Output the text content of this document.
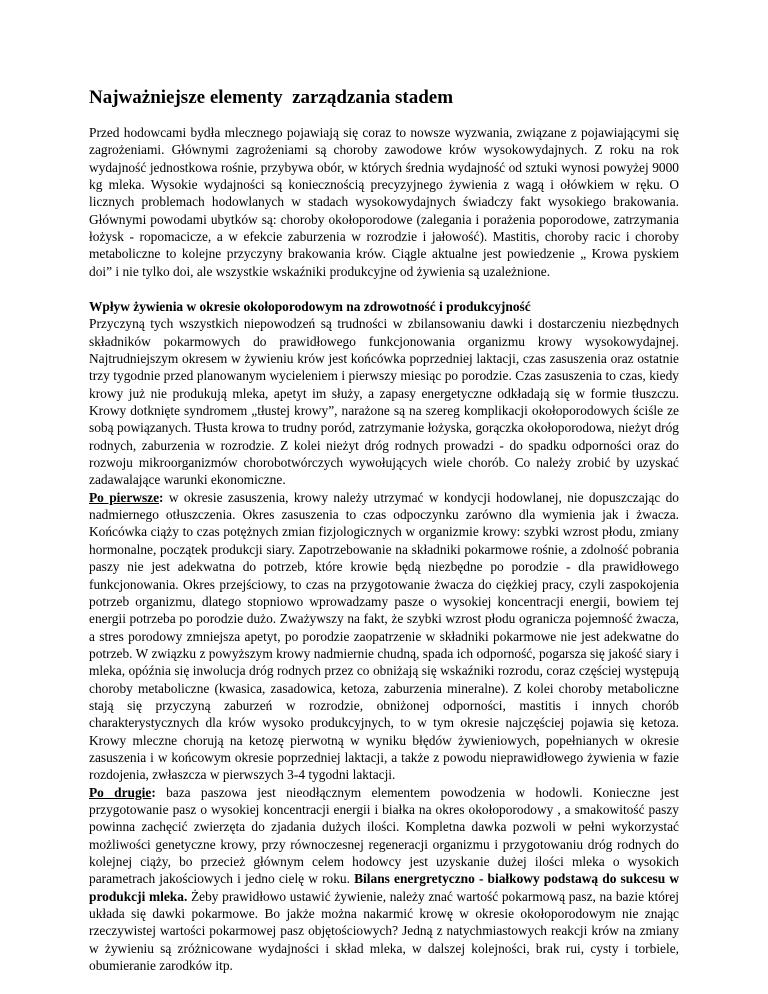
Najważniejsze elementy  zarządzania stadem

Przed hodowcami bydła mlecznego pojawiają się coraz to nowsze wyzwania, związane z pojawiającymi się zagrożeniami. Głównymi zagrożeniami są choroby zawodowe krów wysokowydajnych. Z roku na rok wydajność jednostkowa rośnie, przybywa obór, w których średnia wydajność od sztuki wynosi powyżej 9000 kg mleka. Wysokie wydajności są koniecznością precyzyjnego żywienia z wagą i ołówkiem w ręku. O licznych problemach hodowlanych w stadach wysokowydajnych świadczy fakt wysokiego brakowania. Głównymi powodami ubytków są: choroby okołoporodowe (zalegania i porażenia poporodowe, zatrzymania łożysk - ropomacicze, a w efekcie zaburzenia w rozrodzie i jałowość). Mastitis, choroby racic i choroby metaboliczne to kolejne przyczyny brakowania krów. Ciągle aktualne jest powiedzenie „ Krowa pyskiem doi” i nie tylko doi, ale wszystkie wskaźniki produkcyjne od żywienia są uzależnione.

Wpływ żywienia w okresie okołoporodowym na zdrowotność i produkcyjność
Przyczyną tych wszystkich niepowodzeń są trudności w zbilansowaniu dawki i dostarczeniu niezbędnych składników pokarmowych do prawidłowego funkcjonowania organizmu krowy wysokowydajnej. Najtrudniejszym okresem w żywieniu krów jest końcówka poprzedniej laktacji, czas zasuszenia oraz ostatnie trzy tygodnie przed planowanym wycieleniem i pierwszy miesiąc po porodzie. Czas zasuszenia to czas, kiedy krowy już nie produkują mleka, apetyt im służy, a zapasy energetyczne odkładają się w formie tłuszczu. Krowy dotknięte syndromem „tłustej krowy”, narażone są na szereg komplikacji okołoporodowych ściśle ze sobą powiązanych. Tłusta krowa to trudny poród, zatrzymanie łożyska, gorączka okołoporodowa, nieżyt dróg rodnych, zaburzenia w rozrodzie. Z kolei nieżyt dróg rodnych prowadzi - do spadku odporności oraz do rozwoju mikroorganizmów chorobotwórczych wywołujących wiele chorób. Co należy zrobić by uzyskać zadawalające warunki ekonomiczne.
Po pierwsze: w okresie zasuszenia, krowy należy utrzymać w kondycji hodowlanej, nie dopuszczając do nadmiernego otłuszczenia. Okres zasuszenia to czas odpoczynku zarówno dla wymienia jak i żwacza. Końcówka ciąży to czas potężnych zmian fizjologicznych w organizmie krowy: szybki wzrost płodu, zmiany hormonalne, początek produkcji siary. Zapotrzebowanie na składniki pokarmowe rośnie, a zdolność pobrania paszy nie jest adekwatna do potrzeb, które krowie będą niezbędne po porodzie - dla prawidłowego funkcjonowania. Okres przejściowy, to czas na przygotowanie żwacza do ciężkiej pracy, czyli zaspokojenia potrzeb organizmu, dlatego stopniowo wprowadzamy pasze o wysokiej koncentracji energii, bowiem tej energii potrzeba po porodzie dużo. Zważywszy na fakt, że szybki wzrost płodu ogranicza pojemność żwacza, a stres porodowy zmniejsza apetyt, po porodzie zaopatrzenie w składniki pokarmowe nie jest adekwatne do potrzeb. W związku z powyższym krowy nadmiernie chudną, spada ich odporność, pogarsza się jakość siary i mleka, opóźnia się inwolucja dróg rodnych przez co obniżają się wskaźniki rozrodu, coraz częściej występują choroby metaboliczne (kwasica, zasadowica, ketoza, zaburzenia mineralne). Z kolei choroby metaboliczne stają się przyczyną zaburzeń w rozrodzie, obniżonej odporności, mastitis i innych chorób charakterystycznych dla krów wysoko produkcyjnych, to w tym okresie najczęściej pojawia się ketoza. Krowy mleczne chorują na ketozę pierwotną w wyniku błędów żywieniowych, popełnianych w okresie zasuszenia i w końcowym okresie poprzedniej laktacji, a także z powodu nieprawidłowego żywienia w fazie rozdojenia, zwłaszcza w pierwszych 3-4 tygodni laktacji.
Po drugie: baza paszowa jest nieodłącznym elementem powodzenia w hodowli. Konieczne jest przygotowanie pasz o wysokiej koncentracji energii i białka na okres okołoporodowy , a smakowitość paszy powinna zachęcić zwierzęta do zjadania dużych ilości. Kompletna dawka pozwoli w pełni wykorzystać możliwości genetyczne krowy, przy równoczesnej regeneracji organizmu i przygotowaniu dróg rodnych do kolejnej ciąży, bo przecież głównym celem hodowcy jest uzyskanie dużej ilości mleka o wysokich parametrach jakościowych i jedno cielę w roku. Bilans energretyczno - białkowy podstawą do sukcesu w produkcji mleka. Żeby prawidłowo ustawić żywienie, należy znać wartość pokarmową pasz, na bazie której układa się dawki pokarmowe. Bo jakże można nakarmić krowę w okresie okołoporodowym nie znając rzeczywistej wartości pokarmowej pasz objętościowych? Jedną z natychmiastowych reakcji krów na zmiany w żywieniu są zróżnicowane wydajności i skład mleka, w dalszej kolejności, brak rui, cysty i torbiele, obumieranie zarodków itp.
